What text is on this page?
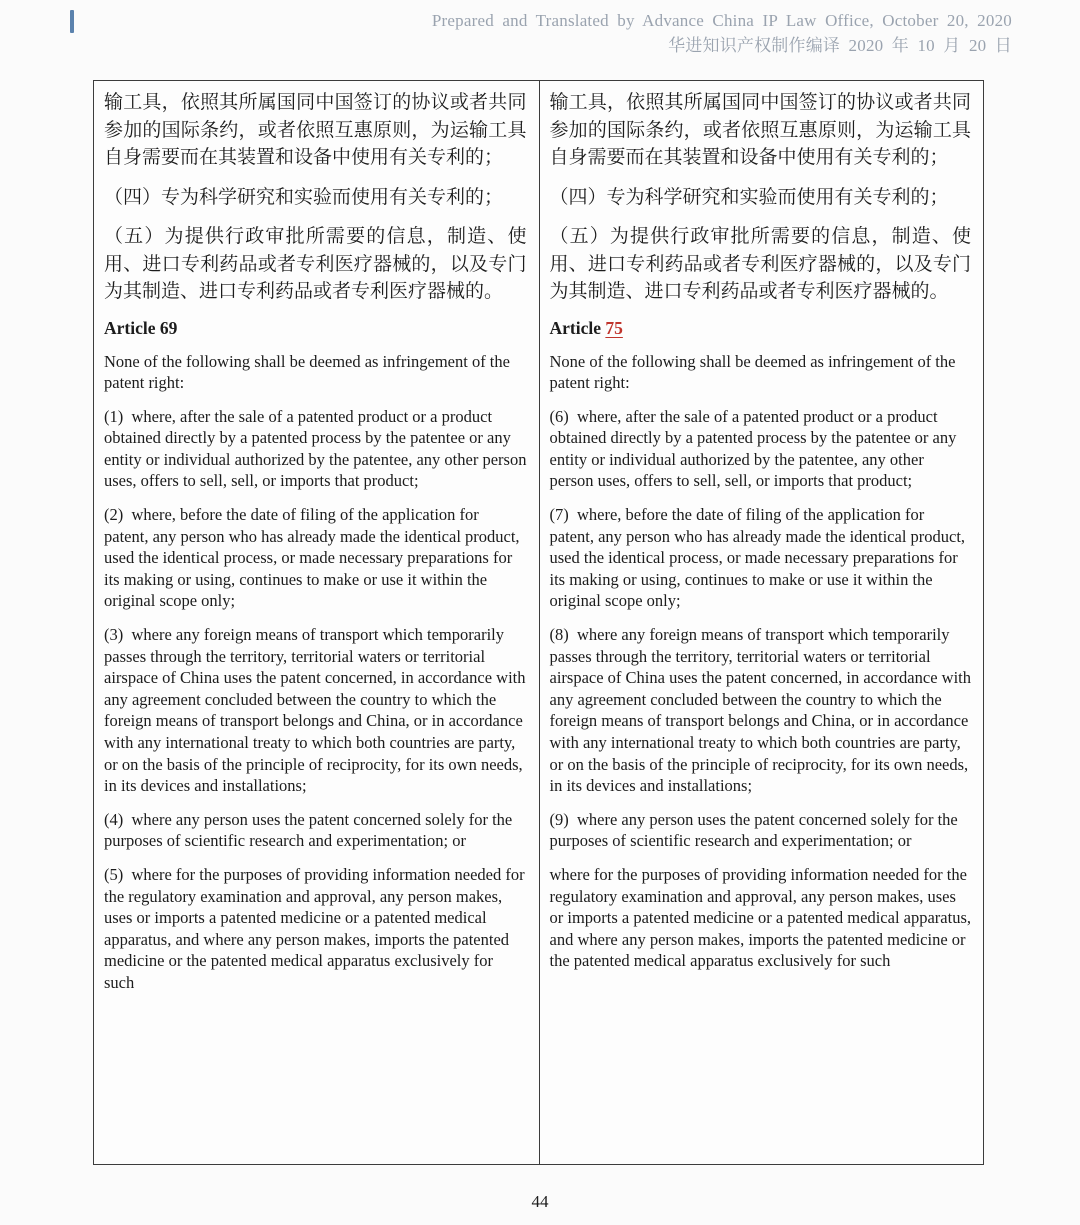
Prepared and Translated by Advance China IP Law Office, October 20, 2020
华进知识产权制作编译 2020 年 10 月 20 日

输工具，依照其所属国同中国签订的协议或者共同参加的国际条约，或者依照互惠原则，为运输工具自身需要而在其装置和设备中使用有关专利的；

（四）专为科学研究和实验而使用有关专利的；

（五）为提供行政审批所需要的信息，制造、使用、进口专利药品或者专利医疗器械的，以及专门为其制造、进口专利药品或者专利医疗器械的。

Article 69

None of the following shall be deemed as infringement of the patent right:

(1)  where, after the sale of a patented product or a product obtained directly by a patented process by the patentee or any entity or individual authorized by the patentee, any other person uses, offers to sell, sell, or imports that product;

(2)  where, before the date of filing of the application for patent, any person who has already made the identical product, used the identical process, or made necessary preparations for its making or using, continues to make or use it within the original scope only;

(3)  where any foreign means of transport which temporarily passes through the territory, territorial waters or territorial airspace of China uses the patent concerned, in accordance with any agreement concluded between the country to which the foreign means of transport belongs and China, or in accordance with any international treaty to which both countries are party, or on the basis of the principle of reciprocity, for its own needs, in its devices and installations;

(4)  where any person uses the patent concerned solely for the purposes of scientific research and experimentation; or

(5)  where for the purposes of providing information needed for the regulatory examination and approval, any person makes, uses or imports a patented medicine or a patented medical apparatus, and where any person makes, imports the patented medicine or the patented medical apparatus exclusively for such

输工具，依照其所属国同中国签订的协议或者共同参加的国际条约，或者依照互惠原则，为运输工具自身需要而在其装置和设备中使用有关专利的；

（四）专为科学研究和实验而使用有关专利的；

（五）为提供行政审批所需要的信息，制造、使用、进口专利药品或者专利医疗器械的，以及专门为其制造、进口专利药品或者专利医疗器械的。

Article 75

None of the following shall be deemed as infringement of the patent right:

(6)  where, after the sale of a patented product or a product obtained directly by a patented process by the patentee or any entity or individual authorized by the patentee, any other person uses, offers to sell, sell, or imports that product;

(7)  where, before the date of filing of the application for patent, any person who has already made the identical product, used the identical process, or made necessary preparations for its making or using, continues to make or use it within the original scope only;

(8)  where any foreign means of transport which temporarily passes through the territory, territorial waters or territorial airspace of China uses the patent concerned, in accordance with any agreement concluded between the country to which the foreign means of transport belongs and China, or in accordance with any international treaty to which both countries are party, or on the basis of the principle of reciprocity, for its own needs, in its devices and installations;

(9)  where any person uses the patent concerned solely for the purposes of scientific research and experimentation; or

where for the purposes of providing information needed for the regulatory examination and approval, any person makes, uses or imports a patented medicine or a patented medical apparatus, and where any person makes, imports the patented medicine or the patented medical apparatus exclusively for such

44
